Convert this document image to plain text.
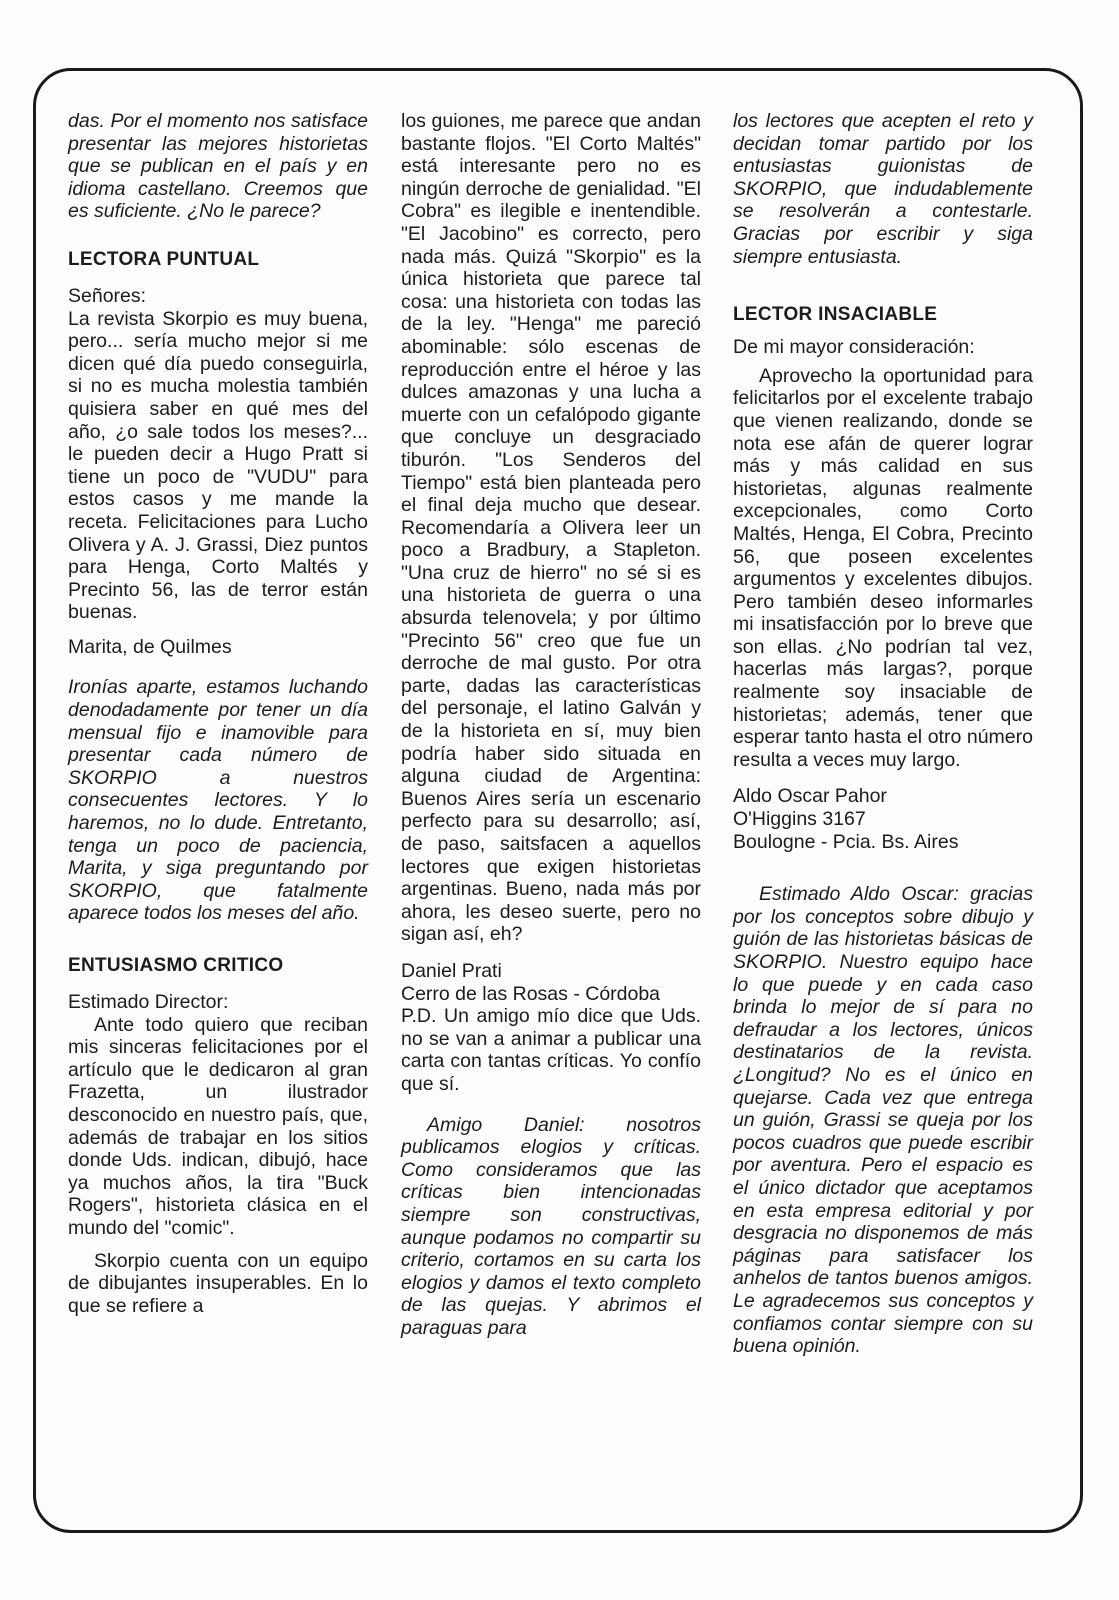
das. Por el momento nos satisface presentar las mejores historietas que se publican en el país y en idioma castellano. Creemos que es suficiente. ¿No le parece?

LECTORA PUNTUAL

Señores:

La revista Skorpio es muy buena, pero... sería mucho mejor si me dicen qué día puedo conseguirla, si no es mucha molestia también quisiera saber en qué mes del año, ¿o sale todos los meses?... le pueden decir a Hugo Pratt si tiene un poco de "VUDU" para estos casos y me mande la receta. Felicitaciones para Lucho Olivera y A. J. Grassi, Diez puntos para Henga, Corto Maltés y Precinto 56, las de terror están buenas.

Marita, de Quilmes

Ironías aparte, estamos luchando denodadamente por tener un día mensual fijo e inamovible para presentar cada número de SKORPIO a nuestros consecuentes lectores. Y lo haremos, no lo dude. Entretanto, tenga un poco de paciencia, Marita, y siga preguntando por SKORPIO, que fatalmente aparece todos los meses del año.

ENTUSIASMO CRITICO

Estimado Director:

Ante todo quiero que reciban mis sinceras felicitaciones por el artículo que le dedicaron al gran Frazetta, un ilustrador desconocido en nuestro país, que, además de trabajar en los sitios donde Uds. indican, dibujó, hace ya muchos años, la tira "Buck Rogers", historieta clásica en el mundo del "comic".

Skorpio cuenta con un equipo de dibujantes insuperables. En lo que se refiere a

los guiones, me parece que andan bastante flojos. "El Corto Maltés" está interesante pero no es ningún derroche de genialidad. "El Cobra" es ilegible e inentendible. "El Jacobino" es correcto, pero nada más. Quizá "Skorpio" es la única historieta que parece tal cosa: una historieta con todas las de la ley. "Henga" me pareció abominable: sólo escenas de reproducción entre el héroe y las dulces amazonas y una lucha a muerte con un cefalópodo gigante que concluye un desgraciado tiburón. "Los Senderos del Tiempo" está bien planteada pero el final deja mucho que desear. Recomendaría a Olivera leer un poco a Bradbury, a Stapleton. "Una cruz de hierro" no sé si es una historieta de guerra o una absurda telenovela; y por último "Precinto 56" creo que fue un derroche de mal gusto. Por otra parte, dadas las características del personaje, el latino Galván y de la historieta en sí, muy bien podría haber sido situada en alguna ciudad de Argentina: Buenos Aires sería un escenario perfecto para su desarrollo; así, de paso, saitsfacen a aquellos lectores que exigen historietas argentinas. Bueno, nada más por ahora, les deseo suerte, pero no sigan así, eh?

Daniel Prati

Cerro de las Rosas - Córdoba

P.D. Un amigo mío dice que Uds. no se van a animar a publicar una carta con tantas críticas. Yo confío que sí.

Amigo Daniel: nosotros publicamos elogios y críticas. Como consideramos que las críticas bien intencionadas siempre son constructivas, aunque podamos no compartir su criterio, cortamos en su carta los elogios y damos el texto completo de las quejas. Y abrimos el paraguas para

los lectores que acepten el reto y decidan tomar partido por los entusiastas guionistas de SKORPIO, que indudablemente se resolverán a contestarle. Gracias por escribir y siga siempre entusiasta.

LECTOR INSACIABLE

De mi mayor consideración:

Aprovecho la oportunidad para felicitarlos por el excelente trabajo que vienen realizando, donde se nota ese afán de querer lograr más y más calidad en sus historietas, algunas realmente excepcionales, como Corto Maltés, Henga, El Cobra, Precinto 56, que poseen excelentes argumentos y excelentes dibujos. Pero también deseo informarles mi insatisfacción por lo breve que son ellas. ¿No podrían tal vez, hacerlas más largas?, porque realmente soy insaciable de historietas; además, tener que esperar tanto hasta el otro número resulta a veces muy largo.

Aldo Oscar Pahor

O'Higgins 3167

Boulogne - Pcia. Bs. Aires

Estimado Aldo Oscar: gracias por los conceptos sobre dibujo y guión de las historietas básicas de SKORPIO. Nuestro equipo hace lo que puede y en cada caso brinda lo mejor de sí para no defraudar a los lectores, únicos destinatarios de la revista. ¿Longitud? No es el único en quejarse. Cada vez que entrega un guión, Grassi se queja por los pocos cuadros que puede escribir por aventura. Pero el espacio es el único dictador que aceptamos en esta empresa editorial y por desgracia no disponemos de más páginas para satisfacer los anhelos de tantos buenos amigos. Le agradecemos sus conceptos y confiamos contar siempre con su buena opinión.
